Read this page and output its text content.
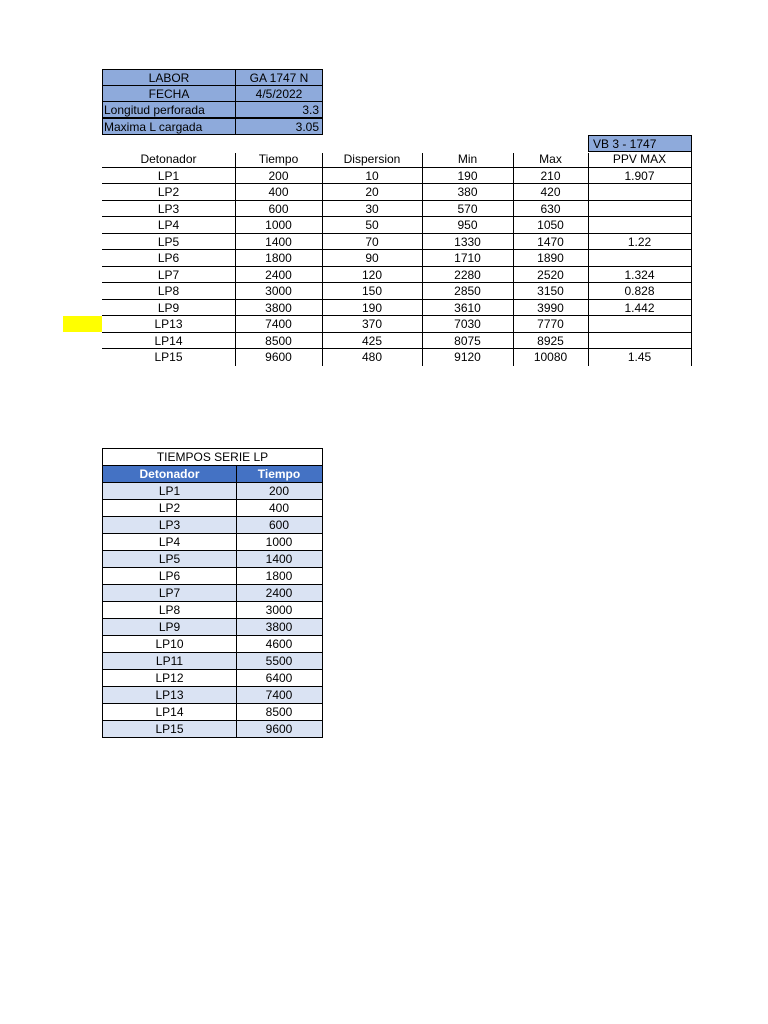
LABOR	GA 1747 N
FECHA	4/5/2022
Longitud perforada	3.3
Maxima L cargada	3.05
VB 3 - 1747
Detonador	Tiempo	Dispersion	Min	Max	PPV MAX
LP1	200	10	190	210	1.907
LP2	400	20	380	420
LP3	600	30	570	630
LP4	1000	50	950	1050
LP5	1400	70	1330	1470	1.22
LP6	1800	90	1710	1890
LP7	2400	120	2280	2520	1.324
LP8	3000	150	2850	3150	0.828
LP9	3800	190	3610	3990	1.442
LP13	7400	370	7030	7770
LP14	8500	425	8075	8925
LP15	9600	480	9120	10080	1.45
TIEMPOS SERIE LP
Detonador	Tiempo
LP1	200
LP2	400
LP3	600
LP4	1000
LP5	1400
LP6	1800
LP7	2400
LP8	3000
LP9	3800
LP10	4600
LP11	5500
LP12	6400
LP13	7400
LP14	8500
LP15	9600
